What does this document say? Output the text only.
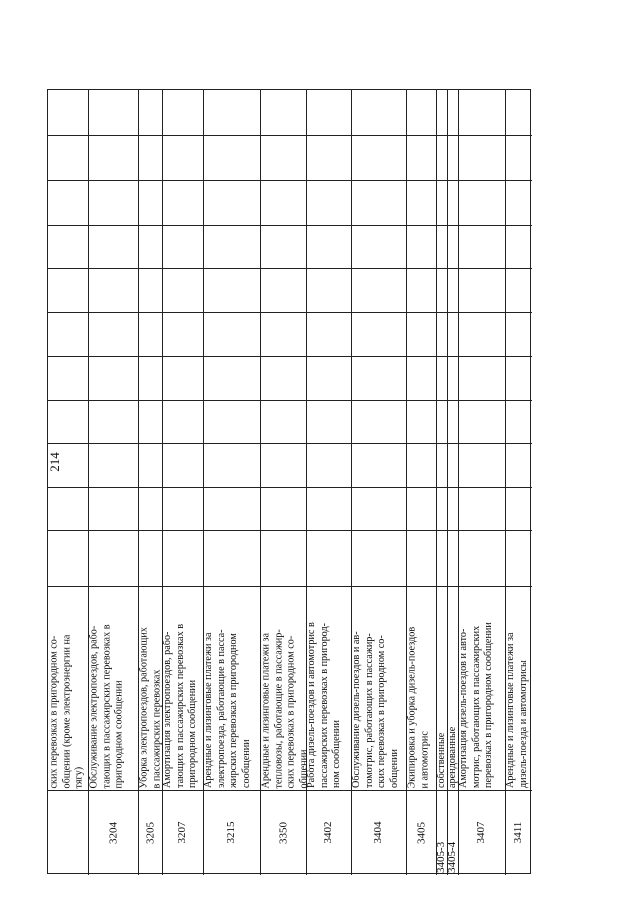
214
ских перевозках в пригородном со- общении (кроме электроэнергии на тягу) Обслуживание электропоездов, рабо- тающих в пассажирских перевозках в пригородном сообщении
3204
Уборка электропоездов, работающих в пассажирских перевозках
3205
Амортизация электропоездов, рабо- тающих в пассажирских перевозках в пригородном сообщении
3207
Арендные и лизинговые платежи за электропоезда, работающие в пасса- жирских перевозках в пригородном сообщении
3215
Арендные и лизинговые платежи за тепловозы, работающие в пассажир- ских перевозках в пригородном со- общении
3350
Работа дизель-поездов и автомотрис в пассажирских перевозках в пригород- ном сообщении
3402
Обслуживание дизель-поездов и ав- томотрис, работающих в пассажир- ских перевозках в пригородном со- общении
3404
Экипировка и уборка дизель-поездов и автомотрис
3405
собственные
3405-3
арендованные
3405-4
Амортизация дизель-поездов и авто- мотрис, работающих в пассажирских перевозках в пригородном сообщении
3407
Арендные и лизинговые платежи за дизель-поезда и автомотрисы
3411
